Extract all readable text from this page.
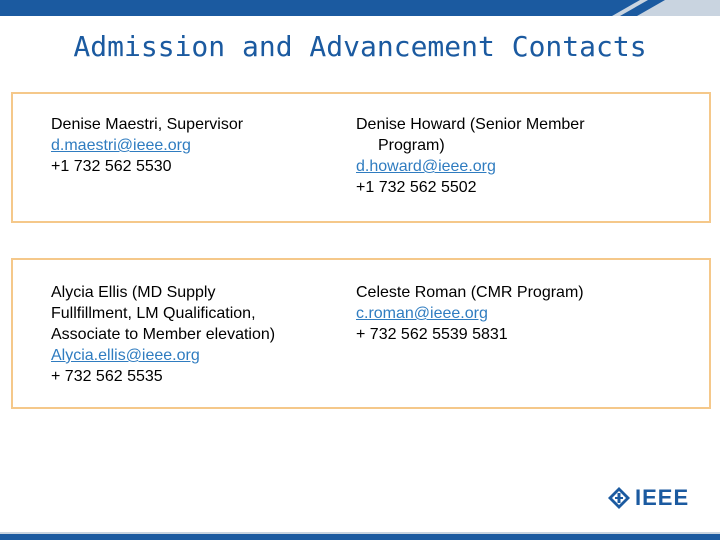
Admission and Advancement Contacts
Denise Maestri, Supervisor
d.maestri@ieee.org
+1 732 562 5530
Denise Howard (Senior Member
Program)
d.howard@ieee.org
+1 732 562 5502
Alycia Ellis (MD Supply
Fullfillment, LM Qualification,
Associate to Member elevation)
Alycia.ellis@ieee.org
+ 732 562 5535
Celeste Roman (CMR Program)
c.roman@ieee.org
+ 732 562 5539 5831
IEEE
